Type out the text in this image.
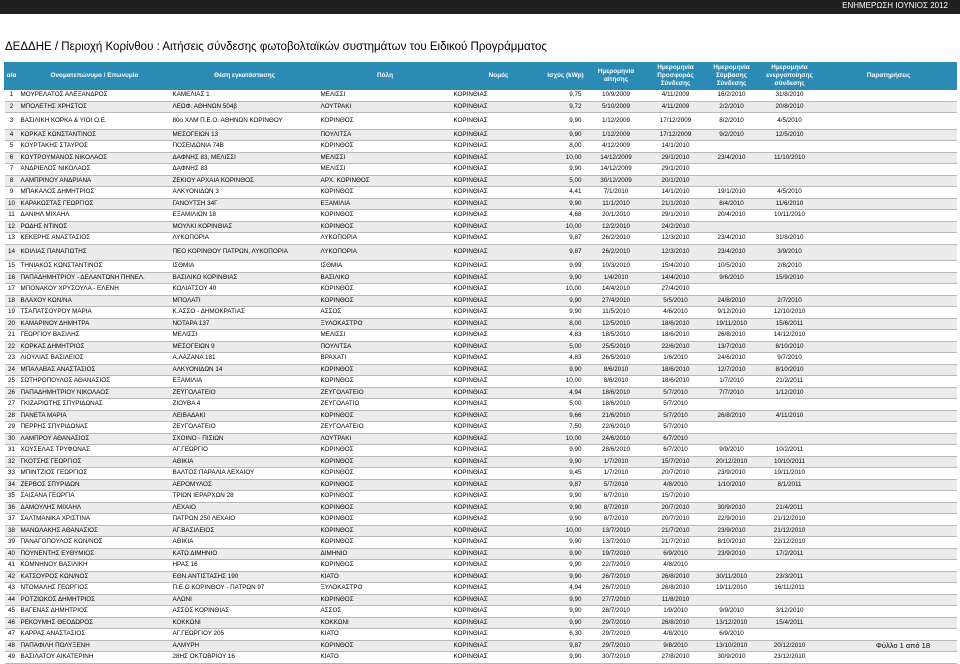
ΕΝΗΜΕΡΩΣΗ ΙΟΥΝΙΟΣ 2012
ΔΕΔΔΗΕ / Περιοχή Κορίνθου : Αιτήσεις σύνδεσης φωτοβολταϊκών συστημάτων του Ειδικού Προγράμματος
α/α	Ονοματεπώνυμο / Επωνυμία	Θέση εγκατάστασης	Πόλη	Νομός	Ισχύς (kWp)	Ημερομηνία αίτησης	Ημερομηνία Προσφοράς Σύνδεσης	Ημερομηνία Σύμβασης Σύνδεσης	Ημερομηνία ενεργοποίησης σύνδεσης	Παρατηρήσεις
1	ΜΟΥΡΕΛΑΤΟΣ ΑΛΕΞΑΝΔΡΟΣ	ΚΑΜΕΛΙΑΣ 1	ΜΕΛΙΣΣΙ	ΚΟΡΙΝΘΙΑΣ	9,75	10/9/2009	4/11/2009	16/2/2010	31/8/2010	
2	ΜΠΟΛΕΤΗΣ ΧΡΗΣΤΟΣ	ΛΕΩΦ. ΑΘΗΝΩΝ 504β	ΛΟΥΤΡΑΚΙ	ΚΟΡΙΝΘΙΑΣ	9,72	5/10/2009	4/11/2009	2/2/2010	20/8/2010	
3	ΒΑΣΙΛΙΚΗ ΚΟΡΚΑ & ΥΙΟΙ Ο.Ε.	80ο ΧΛΜ Π.Ε.Ο. ΑΘΗΝΩΝ ΚΟΡΙΝΘΟΥ	ΚΟΡΙΝΘΟΣ	ΚΟΡΙΝΘΙΑΣ	9,90	1/12/2009	17/12/2009	8/2/2010	4/5/2010	
4	ΚΟΡΚΑΣ ΚΩΝΣΤΑΝΤΙΝΟΣ	ΜΕΣΟΓΕΙΩΝ 13	ΠΟΥΛΙΤΣΑ	ΚΟΡΙΝΘΙΑΣ	9,90	1/12/2009	17/12/2009	9/2/2010	12/5/2010	
5	ΚΟΥΡΤΑΚΗΣ ΣΤΑΥΡΟΣ	ΠΟΣΕΙΔΩΝΙΑ 74Β	ΚΟΡΙΝΘΟΣ	ΚΟΡΙΝΘΙΑΣ	8,00	4/12/2009	14/1/2010			
6	ΚΟΥΤΡΟΥΜΑΝΟΣ ΝΙΚΟΛΑΟΣ	ΔΑΦΝΗΣ 83, ΜΕΛΙΣΣΙ	ΜΕΛΙΣΣΙ	ΚΟΡΙΝΘΙΑΣ	10,00	14/12/2009	29/1/2010	23/4/2010	11/10/2010	
7	ΑΝΔΡΙΕΛΟΣ ΝΙΚΟΛΑΟΣ	ΔΑΦΝΗΣ 83	ΜΕΛΙΣΣΙ	ΚΟΡΙΝΘΙΑΣ	9,90	14/12/2009	29/1/2010			
8	ΛΑΜΠΡΙΝΟΥ ΑΝΔΡΙΑΝΑ	ΖΕΚΙΟΥ ΑΡΧΑΙΑ ΚΟΡΙΝΘΟΣ	ΑΡΧ. ΚΟΡΙΝΘΟΣ	ΚΟΡΙΝΘΙΑΣ	5,00	30/12/2009	20/1/2010			
9	ΜΠΑΚΑΛΟΣ ΔΗΜΗΤΡΙΟΣ	ΑΛΚΥΟΝΙΔΩΝ 3	ΚΟΡΙΝΘΟΣ	ΚΟΡΙΝΘΙΑΣ	4,41	7/1/2010	14/1/2010	19/1/2010	4/5/2010	
10	ΚΑΡΑΚΩΣΤΑΣ ΓΕΩΡΓΙΟΣ	ΓΑΝΟΥΤΣΗ 34Γ	ΕΞΑΜΙΛΙΑ	ΚΟΡΙΝΘΙΑΣ	9,90	11/1/2010	21/1/2010	8/4/2010	11/6/2010	
11	ΔΑΝΙΗΛ ΜΙΧΑΗΛ	ΕΞΑΜΙΛΙΩΝ 18	ΚΟΡΙΝΘΟΣ	ΚΟΡΙΝΘΙΑΣ	4,68	20/1/2010	29/1/2010	20/4/2010	10/11/2010	
12	ΡΩΔΗΣ ΝΤΙΝΟΣ	ΜΟΥΛΚΙ ΚΟΡΙΝΘΙΑΣ	ΚΟΡΙΝΘΟΣ	ΚΟΡΙΝΘΙΑΣ	10,00	12/2/2010	24/2/2010			
13	ΚΕΚΕΡΗΣ ΑΝΑΣΤΑΣΙΟΣ	ΛΥΚΟΠΟΡΙΑ	ΛΥΚΟΠΟΡΙΑ	ΚΟΡΙΝΘΙΑΣ	9,87	26/2/2010	12/3/2010	23/4/2010	31/8/2010	
14	ΚΟΙΛΙΑΣ ΠΑΝΑΓΙΩΤΗΣ	ΠΕΟ ΚΟΡΙΝΘΟΥ ΠΑΤΡΩΝ, ΛΥΚΟΠΟΡΙΑ	ΛΥΚΟΠΟΡΙΑ	ΚΟΡΙΝΘΙΑΣ	9,87	26/2/2010	12/3/2010	23/4/2010	3/9/2010	
15	ΤΗΝΙΑΚΟΣ ΚΩΝΣΤΑΝΤΙΝΟΣ	ΙΣΘΜΙΑ	ΙΣΘΜΙΑ	ΚΟΡΙΝΘΙΑΣ	9,99	10/3/2010	15/4/2010	10/5/2010	2/8/2010	
16	ΠΑΠΑΔΗΜΗΤΡΙΟΥ - ΔΕΛΑΝΤΩΝΗ ΠΗΝΕΛ.	ΒΑΣΙΛΙΚΟ ΚΟΡΙΝΘΙΑΣ	ΒΑΣΙΛΙΚΟ	ΚΟΡΙΝΘΙΑΣ	9,90	1/4/2010	14/4/2010	9/6/2010	15/9/2010	
17	ΜΠΟΝΑΚΟΥ ΧΡΥΣΟΥΛΑ - ΕΛΕΝΗ	ΚΟΛΙΑΤΣΟΥ 40	ΚΟΡΙΝΘΟΣ	ΚΟΡΙΝΘΙΑΣ	10,00	14/4/2010	27/4/2010			
18	ΒΛΑΧΟΥ ΚΩΝ/ΝΑ	ΜΠΟΛΑΤΙ	ΚΟΡΙΝΘΟΣ	ΚΟΡΙΝΘΙΑΣ	9,90	27/4/2010	5/5/2010	24/8/2010	2/7/2010	
19	ΤΣΑΠΑΤΣΟΥΡΟΥ ΜΑΡΙΑ	Κ.ΑΣΣΟ - ΔΗΜΟΚΡΑΤΙΑΣ	ΑΣΣΟΣ	ΚΟΡΙΝΘΙΑΣ	9,90	11/5/2010	4/6/2010	9/12/2010	12/10/2010	
20	ΚΑΜΑΡΙΝΟΥ ΔΗΜΗΤΡΑ	ΝΟΤΑΡΑ 137	ΞΥΛΟΚΑΣΤΡΟ	ΚΟΡΙΝΘΙΑΣ	8,00	12/5/2010	18/6/2010	19/11/2010	15/6/2011	
21	ΓΕΩΡΓΙΟΥ ΒΑΣΙΛΗΣ	ΜΕΛΙΣΣΙ	ΜΕΛΙΣΣΙ	ΚΟΡΙΝΘΙΑΣ	4,83	18/5/2010	18/6/2010	26/8/2010	14/12/2010	
22	ΚΟΡΚΑΣ ΔΗΜΗΤΡΙΟΣ	ΜΕΣΟΓΕΙΩΝ 9	ΠΟΥΛΙΤΣΑ	ΚΟΡΙΝΘΙΑΣ	5,00	25/5/2010	22/6/2010	13/7/2010	8/10/2010	
23	ΛΙΟΥΛΙΑΣ ΒΑΣΙΛΕΙΟΣ	Α.ΛΑΖΑΝΑ 181	ΒΡΑΧΑΤΙ	ΚΟΡΙΝΘΙΑΣ	4,83	26/5/2010	1/6/2010	24/6/2010	9/7/2010	
24	ΜΠΑΛΑΒΑΣ ΑΝΑΣΤΑΣΙΟΣ	ΑΛΚΥΟΝΙΔΩΝ 14	ΚΟΡΙΝΘΟΣ	ΚΟΡΙΝΘΙΑΣ	9,90	8/6/2010	18/6/2010	12/7/2010	8/10/2010	
25	ΣΩΤΗΡΟΠΟΥΛΟΣ ΑΘΑΝΑΣΙΟΣ	ΕΞΑΜΙΛΙΑ	ΚΟΡΙΝΘΟΣ	ΚΟΡΙΝΘΙΑΣ	10,00	8/6/2010	18/6/2010	1/7/2010	21/2/2011	
26	ΠΑΠΑΔΗΜΗΤΡΙΟΥ ΝΙΚΟΛΑΟΣ	ΖΕΥΓΟΛΑΤΕΙΟ	ΖΕΥΓΟΛΑΤΕΙΟ	ΚΟΡΙΝΘΙΑΣ	4,94	18/6/2010	5/7/2010	7/7/2010	1/12/2010	
27	ΓΚΙΖΑΡΙΩΤΗΣ ΣΠΥΡΙΔΩΝΑΣ	ΖΙΟΥΒΑ 4	ΖΕΥΓΟΛΑΤΙΟ	ΚΟΡΙΝΘΙΑΣ	5,00	18/6/2010	5/7/2010			
28	ΠΑΝΕΤΑ ΜΑΡΙΑ	ΛΕΙΒΑΔΑΚΙ	ΚΟΡΙΝΘΟΣ	ΚΟΡΙΝΘΙΑΣ	9,66	21/6/2010	5/7/2010	26/8/2010	4/11/2010	
29	ΠΕΡΡΗΣ ΣΠΥΡΙΔΩΝΑΣ	ΖΕΥΓΟΛΑΤΕΙΟ	ΖΕΥΓΟΛΑΤΕΙΟ	ΚΟΡΙΝΘΙΑΣ	7,50	22/6/2010	5/7/2010			
30	ΛΑΜΠΡΟΥ ΑΘΑΝΑΣΙΟΣ	ΣΧΟΙΝΟ - ΠΙΣΙΩΝ	ΛΟΥΤΡΑΚΙ	ΚΟΡΙΝΘΙΑΣ	10,00	24/6/2010	6/7/2010			
31	ΧΟΥΣΕΛΑΣ ΤΡΥΦΩΝΑΣ	ΑΓ.ΓΕΩΡΓΙΟ	ΚΟΡΙΝΘΟΣ	ΚΟΡΙΝΘΙΑΣ	9,90	28/6/2010	6/7/2010	9/9/2010	10/2/2011	
32	ΓΚΟΤΣΗΣ ΓΕΩΡΓΙΟΣ	ΑΘΙΚΙΑ	ΚΟΡΙΝΘΟΣ	ΚΟΡΙΝΘΙΑΣ	9,90	1/7/2010	15/7/2010	20/12/2010	10/10/2011	
33	ΜΠΙΝΤΖΙΟΣ ΓΕΩΡΓΙΟΣ	ΒΑΛΤΟΣ ΠΑΡΑΛΙΑ ΛΕΧΑΙΟΥ	ΚΟΡΙΝΘΟΣ	ΚΟΡΙΝΘΙΑΣ	9,45	1/7/2010	20/7/2010	23/9/2010	19/11/2010	
34	ΖΕΡΒΟΣ ΣΠΥΡΙΔΩΝ	ΑΕΡΟΜΥΛΟΣ	ΚΟΡΙΝΘΟΣ	ΚΟΡΙΝΘΙΑΣ	9,87	5/7/2010	4/8/2010	1/10/2010	8/1/2011	
35	ΣΑΙΣΑΝΑ ΓΕΩΡΓΙΑ	ΤΡΙΩΝ ΙΕΡΑΡΧΩΝ 28	ΚΟΡΙΝΘΟΣ	ΚΟΡΙΝΘΙΑΣ	9,90	6/7/2010	15/7/2010			
36	ΔΑΜΟΥΛΗΣ ΜΙΧΑΗΛ	ΛΕΧΑΙΟ	ΚΟΡΙΝΘΟΣ	ΚΟΡΙΝΘΙΑΣ	9,90	8/7/2010	20/7/2010	30/9/2010	21/4/2011	
37	ΣΑΛΤΜΑΝΙΚΑ ΧΡΙΣΤΙΝΑ	ΠΑΤΡΩΝ 250 ΛΕΧΑΙΟ	ΚΟΡΙΝΘΟΣ	ΚΟΡΙΝΘΙΑΣ	9,90	8/7/2010	20/7/2010	22/9/2010	21/12/2010	
38	ΜΑΝΩΛΑΚΗΣ ΑΘΑΝΑΣΙΟΣ	ΑΓ.ΒΑΣΙΛΕΙΟΣ	ΚΟΡΙΝΘΟΣ	ΚΟΡΙΝΘΙΑΣ	10,00	13/7/2010	21/7/2010	23/9/2010	21/12/2010	
39	ΠΑΝΑΓΟΠΟΥΛΟΣ ΚΩΝ/ΝΟΣ	ΑΘΙΚΙΑ	ΚΟΡΙΝΘΟΣ	ΚΟΡΙΝΘΙΑΣ	9,90	13/7/2010	21/7/2010	8/10/2010	22/12/2010	
40	ΠΟΥΝΕΝΤΗΣ ΕΥΘΥΜΙΟΣ	ΚΑΤΩ ΔΙΜΗΝΙΟ	ΔΙΜΗΝΙΟ	ΚΟΡΙΝΘΙΑΣ	9,90	19/7/2010	6/9/2010	23/9/2010	17/2/2011	
41	ΚΟΜΝΗΝΟΥ ΒΑΣΙΛΙΚΗ	ΗΡΑΣ 16	ΚΟΡΙΝΘΟΣ	ΚΟΡΙΝΘΙΑΣ	9,90	22/7/2010	4/8/2010			
42	ΚΑΤΣΟΥΡΟΣ ΚΩΝ/ΝΟΣ	ΕΘΝ.ΑΝΤΙΣΤΑΣΗΣ 190	ΚΙΑΤΟ	ΚΟΡΙΝΘΙΑΣ	9,90	26/7/2010	26/8/2010	30/11/2010	23/3/2011	
43	ΝΤΟΜΑΛΗΣ ΓΕΩΡΓΙΟΣ	Π.Ε.Ο ΚΟΡΙΝΘΟΥ - ΠΑΤΡΩΝ 97	ΞΥΛΟΚΑΣΤΡΟ	ΚΟΡΙΝΘΙΑΣ	4,94	26/7/2010	26/8/2010	19/11/2010	16/11/2011	
44	ΡΟΤΖΙΩΚΟΣ ΔΗΜΗΤΡΙΟΣ	ΑΛΩΝΙ	ΚΟΡΙΝΘΟΣ	ΚΟΡΙΝΘΙΑΣ	9,90	27/7/2010	11/8/2010			
45	ΒΑΓΕΝΑΣ ΔΗΜΗΤΡΙΟΣ	ΑΣΣΟΣ ΚΟΡΙΝΘΙΑΣ	ΑΣΣΟΣ	ΚΟΡΙΝΘΙΑΣ	9,90	28/7/2010	1/9/2010	9/9/2010	3/12/2010	
46	ΡΕΚΟΥΜΗΣ ΘΕΟΔΩΡΟΣ	ΚΟΚΚΩΝΙ	ΚΟΚΚΩΝΙ	ΚΟΡΙΝΘΙΑΣ	9,90	29/7/2010	26/8/2010	13/12/2010	15/4/2011	
47	ΚΑΡΡΑΣ ΑΝΑΣΤΑΣΙΟΣ	ΑΓ.ΓΕΩΡΓΙΟΥ 205	ΚΙΑΤΟ	ΚΟΡΙΝΘΙΑΣ	6,30	29/7/2010	4/8/2010	6/9/2010		
48	ΠΑΠΑΦΙΛΗ ΠΟΛΥΞΕΝΗ	ΑΛΜΥΡΗ	ΚΟΡΙΝΘΟΣ	ΚΟΡΙΝΘΙΑΣ	9,87	29/7/2010	9/8/2010	13/10/2010	20/12/2010	
49	ΒΑΣΙΛΑΤΟΥ ΑΙΚΑΤΕΡΙΝΗ	28ΗΣ ΟΚΤΩΒΡΙΟΥ 16	ΚΙΑΤΟ	ΚΟΡΙΝΘΙΑΣ	9,90	30/7/2010	27/8/2010	30/9/2010	23/12/2010	
Φύλλο 1 από 18
